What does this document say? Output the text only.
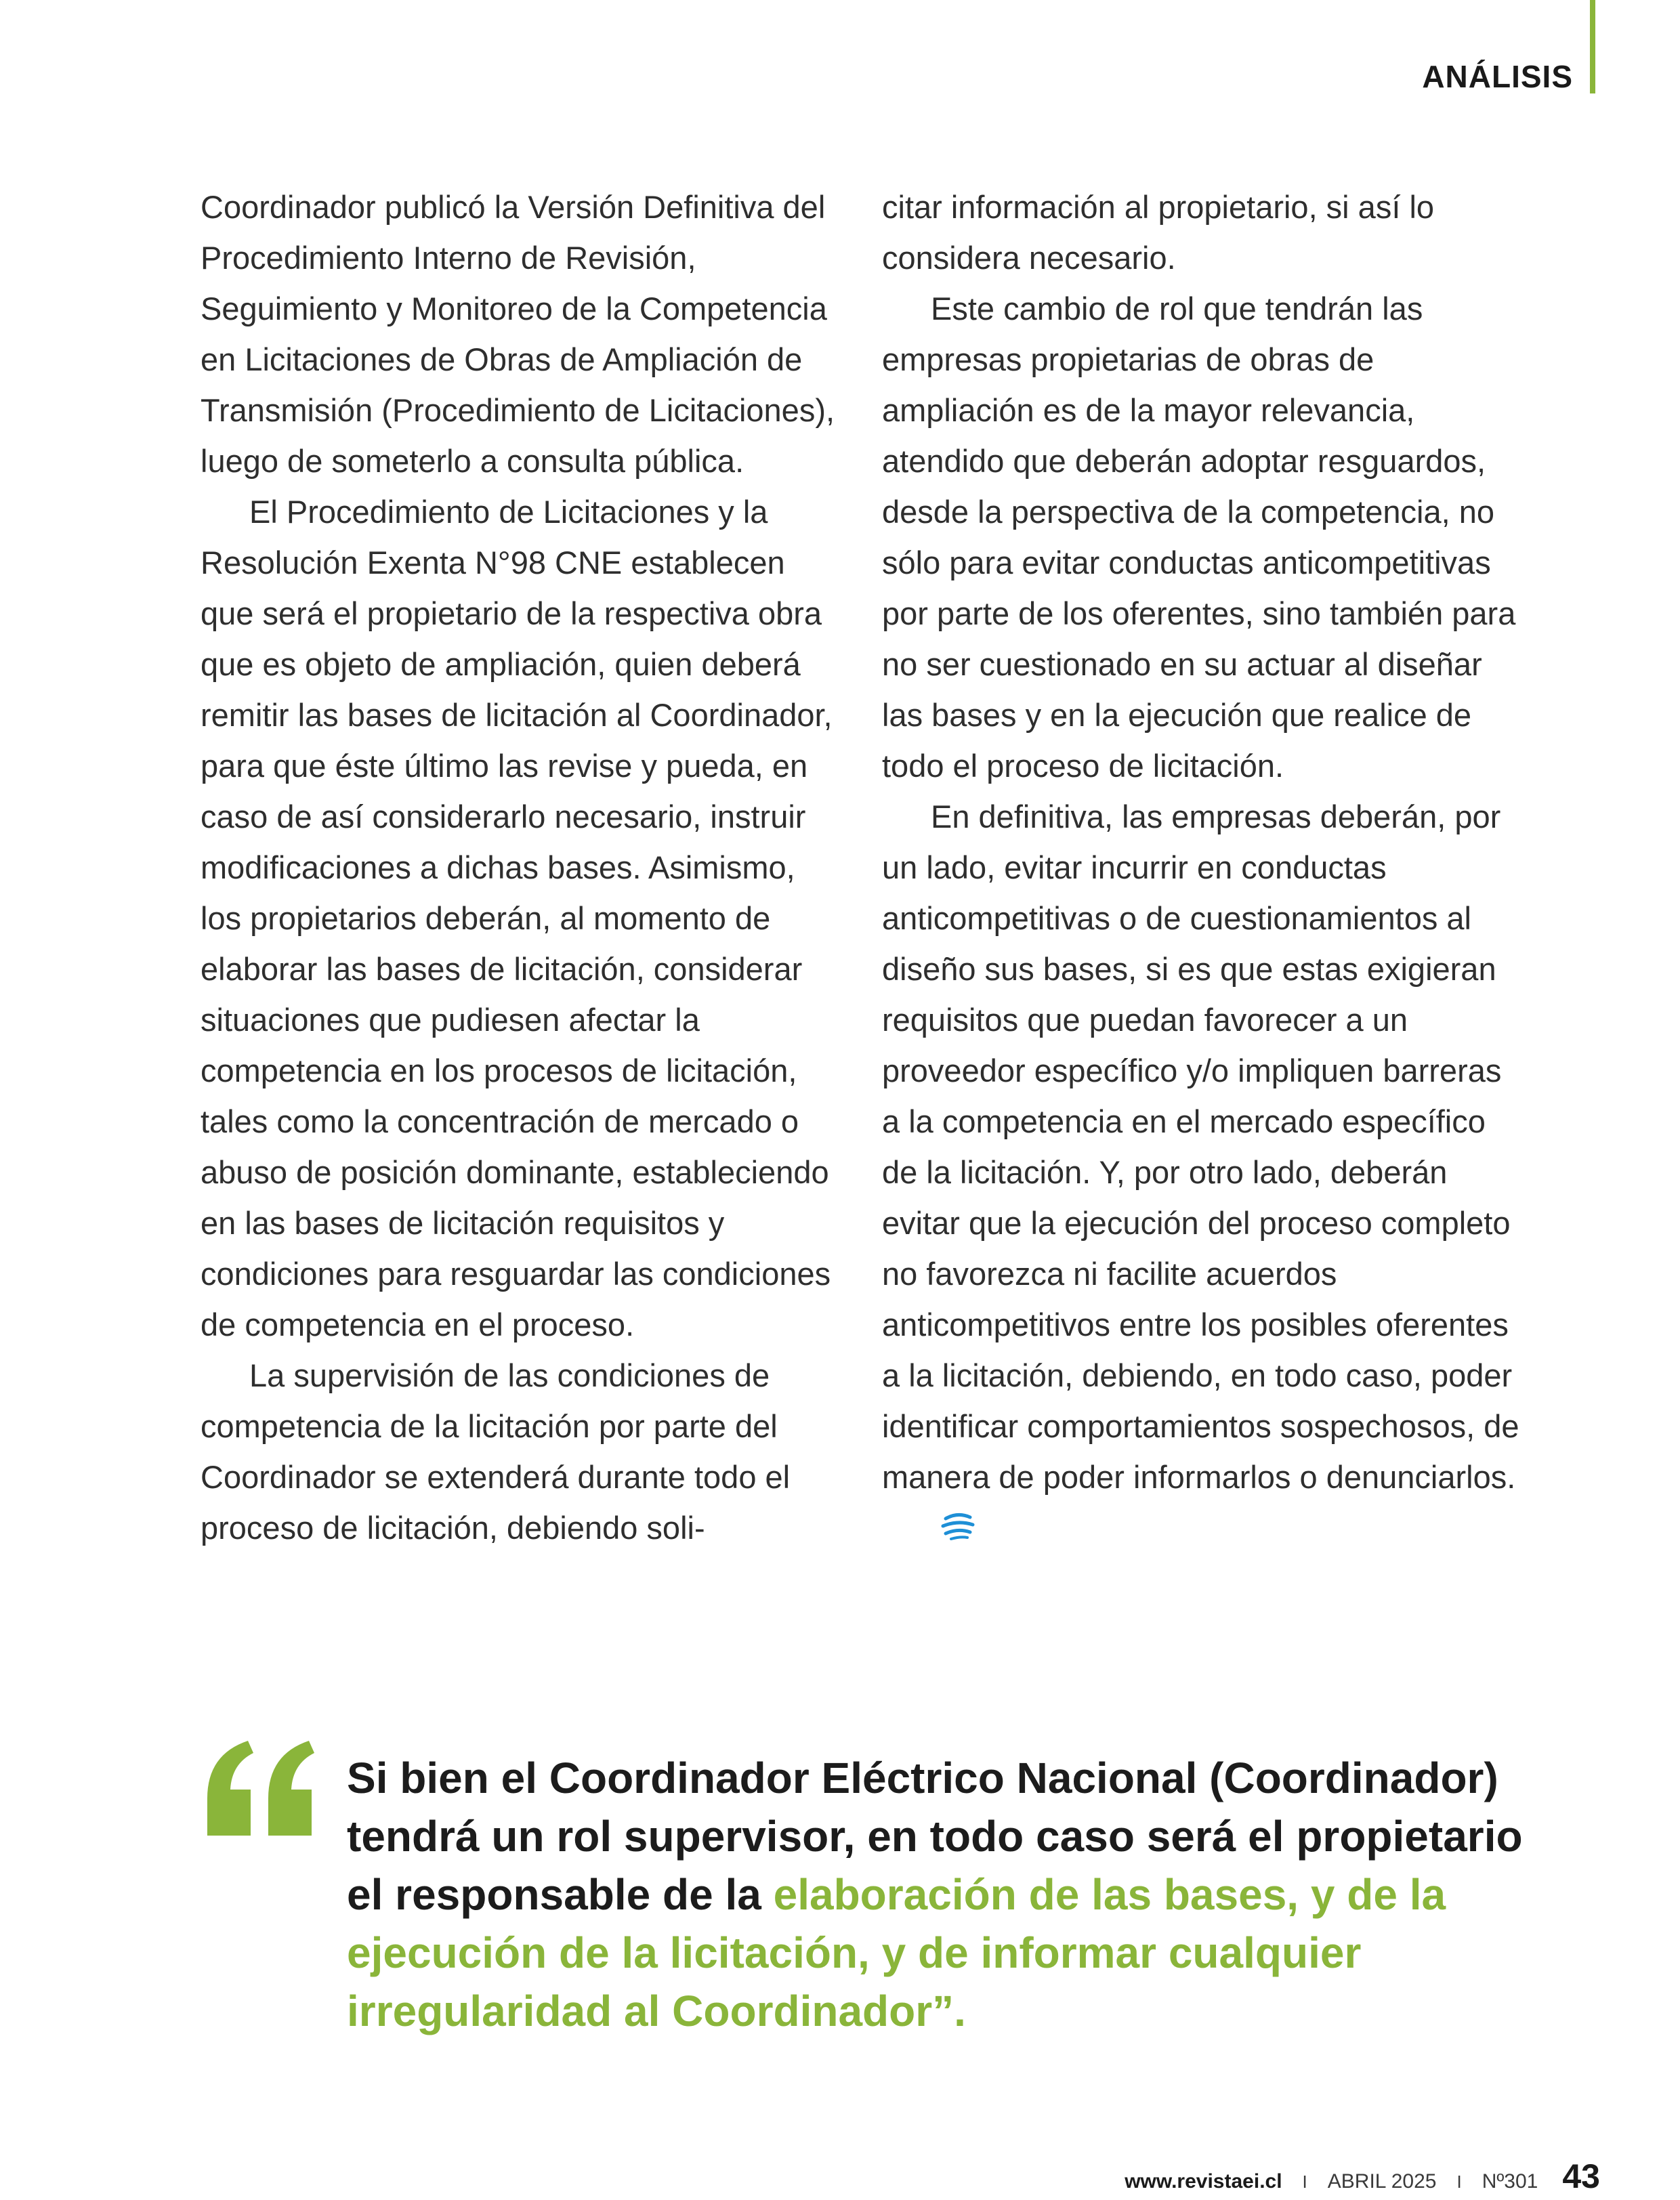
ANÁLISIS

Coordinador publicó la Versión Definitiva del Procedimiento Interno de Revisión, Seguimiento y Monitoreo de la Competencia en Licitaciones de Obras de Ampliación de Transmisión (Procedimiento de Licitaciones), luego de someterlo a consulta pública.

El Procedimiento de Licitaciones y la Resolución Exenta N°98 CNE establecen que será el propietario de la respectiva obra que es objeto de ampliación, quien deberá remitir las bases de licitación al Coordinador, para que éste último las revise y pueda, en caso de así considerarlo necesario, instruir modificaciones a dichas bases. Asimismo, los propietarios deberán, al momento de elaborar las bases de licitación, considerar situaciones que pudiesen afectar la competencia en los procesos de licitación, tales como la concentración de mercado o abuso de posición dominante, estableciendo en las bases de licitación requisitos y condiciones para resguardar las condiciones de competencia en el proceso.

La supervisión de las condiciones de competencia de la licitación por parte del Coordinador se extenderá durante todo el proceso de licitación, debiendo soli-

citar información al propietario, si así lo considera necesario.

Este cambio de rol que tendrán las empresas propietarias de obras de ampliación es de la mayor relevancia, atendido que deberán adoptar resguardos, desde la perspectiva de la competencia, no sólo para evitar conductas anticompetitivas por parte de los oferentes, sino también para no ser cuestionado en su actuar al diseñar las bases y en la ejecución que realice de todo el proceso de licitación.

En definitiva, las empresas deberán, por un lado, evitar incurrir en conductas anticompetitivas o de cuestionamientos al diseño sus bases, si es que estas exigieran requisitos que puedan favorecer a un proveedor específico y/o impliquen barreras a la competencia en el mercado específico de la licitación. Y, por otro lado, deberán evitar que la ejecución del proceso completo no favorezca ni facilite acuerdos anticompetitivos entre los posibles oferentes a la licitación, debiendo, en todo caso, poder identificar comportamientos sospechosos, de manera de poder informarlos o denunciarlos.

Si bien el Coordinador Eléctrico Nacional (Coordinador) tendrá un rol supervisor, en todo caso será el propietario el responsable de la elaboración de las bases, y de la ejecución de la licitación, y de informar cualquier irregularidad al Coordinador”.
www.revistaei.cl I ABRIL 2025 I Nº301 43
